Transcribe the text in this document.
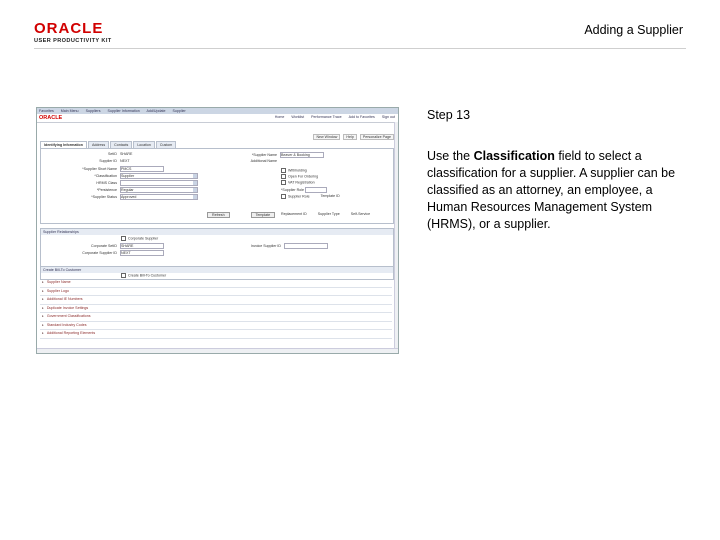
ORACLE
USER PRODUCTIVITY KIT
Adding a Supplier
Favorites Main Menu Suppliers Supplier Information Add/Update Supplier
ORACLE	Home Worklist Performance Trace Add to Favorites Sign out
New Window	Help	Personalize Page
Identifying Information	Address	Contacts	Location	Custom
SetID SHARE
Supplier ID NEXT
*Supplier Short Name PMCS
*Classification Supplier
HRMS Class
*Persistence Regular
*Supplier Status Approved
*Supplier Name Beaver & Booking
Additional Name
Withholding
Open For Ordering
VAT Registration
*Supplier Role
Supplier Role	Template ID
Refresh	Template	Replacement ID	Supplier Type	Self-Service
Supplier Relationships
Corporate Supplier
Corporate SetID SHARE
Corporate Supplier ID NEXT
Invoice Supplier ID
Create Bill-To Customer
Create Bill-To Customer
▸ Supplier Name
▸ Supplier Logo
▸ Additional IE Numbers
▸ Duplicate Invoice Settings
▸ Government Classifications
▸ Standard Industry Codes
▸ Additional Reporting Elements
Step 13
Use the Classification field to select a classification for a supplier. A supplier can be classified as an attorney, an employee, a Human Resources Management System (HRMS), or a supplier.
